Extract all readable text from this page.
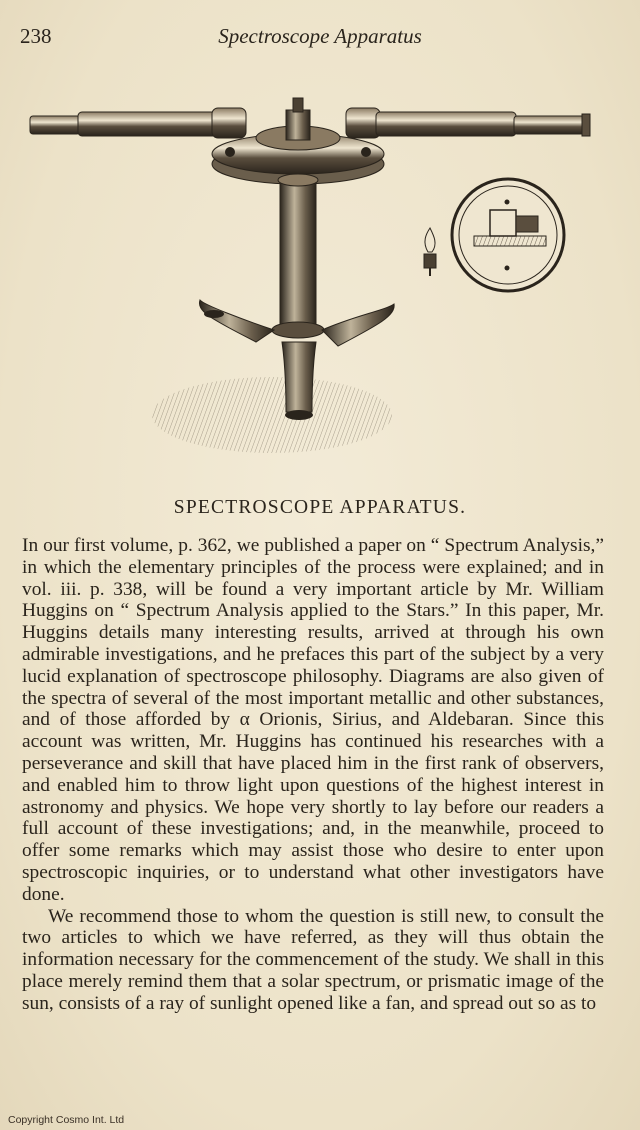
238	Spectroscope Apparatus
SPECTROSCOPE APPARATUS.

In our first volume, p. 362, we published a paper on “ Spectrum Analysis,” in which the elementary principles of the process were explained; and in vol. iii. p. 338, will be found a very important article by Mr. William Huggins on “ Spectrum Analysis applied to the Stars.” In this paper, Mr. Huggins details many interesting results, arrived at through his own admirable investigations, and he prefaces this part of the subject by a very lucid explanation of spectroscope philosophy. Diagrams are also given of the spectra of several of the most important metallic and other substances, and of those afforded by α Orionis, Sirius, and Aldebaran. Since this account was written, Mr. Huggins has continued his researches with a perseverance and skill that have placed him in the first rank of observers, and enabled him to throw light upon questions of the highest interest in astronomy and physics. We hope very shortly to lay before our readers a full account of these investigations; and, in the meanwhile, proceed to offer some remarks which may assist those who desire to enter upon spectroscopic inquiries, or to understand what other investigators have done.

We recommend those to whom the question is still new, to consult the two articles to which we have referred, as they will thus obtain the information necessary for the commencement of the study. We shall in this place merely remind them that a solar spectrum, or prismatic image of the sun, consists of a ray of sunlight opened like a fan, and spread out so as to

Copyright Cosmo Int. Ltd
